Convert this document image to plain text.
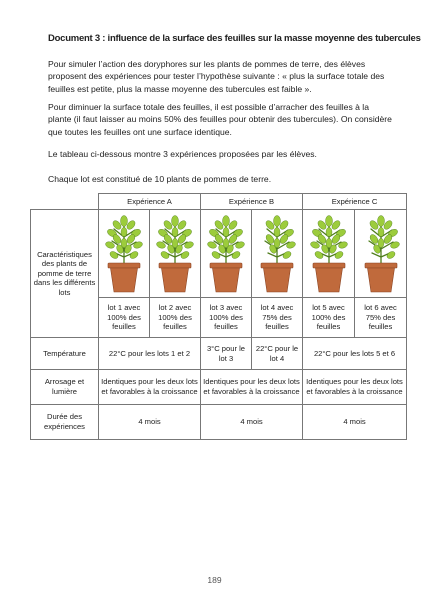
Document 3 : influence de la surface des feuilles sur la masse moyenne des tubercules

Pour simuler l’action des doryphores sur les plants de pommes de terre, des élèves proposent des expériences pour tester l’hypothèse suivante : « plus la surface totale des feuilles est petite, plus la masse moyenne des tubercules est faible ».

Pour diminuer la surface totale des feuilles, il est possible d’arracher des feuilles à la plante (il faut laisser au moins 50% des feuilles pour obtenir des tubercules). On considère que toutes les feuilles ont une surface identique.

Le tableau ci-dessous montre 3 expériences proposées par les élèves.

Chaque lot est constitué de 10 plants de pommes de terre.

	Expérience A		Expérience B		Expérience C	
Caractéristiques des plants de pomme de terre dans les différents lots	

	lot 1 avec 100% des feuilles	lot 2 avec 100% des feuilles	lot 3 avec 100% des feuilles	lot 4 avec 75% des feuilles	lot 5 avec 100% des feuilles	lot 6 avec 75% des feuilles
Température	22°C pour les lots 1 et 2		3°C pour le lot 3	22°C pour le lot 4	22°C pour les lots 5 et 6	
Arrosage et lumière	Identiques pour les deux lots et favorables à la croissance		Identiques pour les deux lots et favorables à la croissance		Identiques pour les deux lots et favorables à la croissance	
Durée des expériences	4 mois		4 mois		4 mois	
189
